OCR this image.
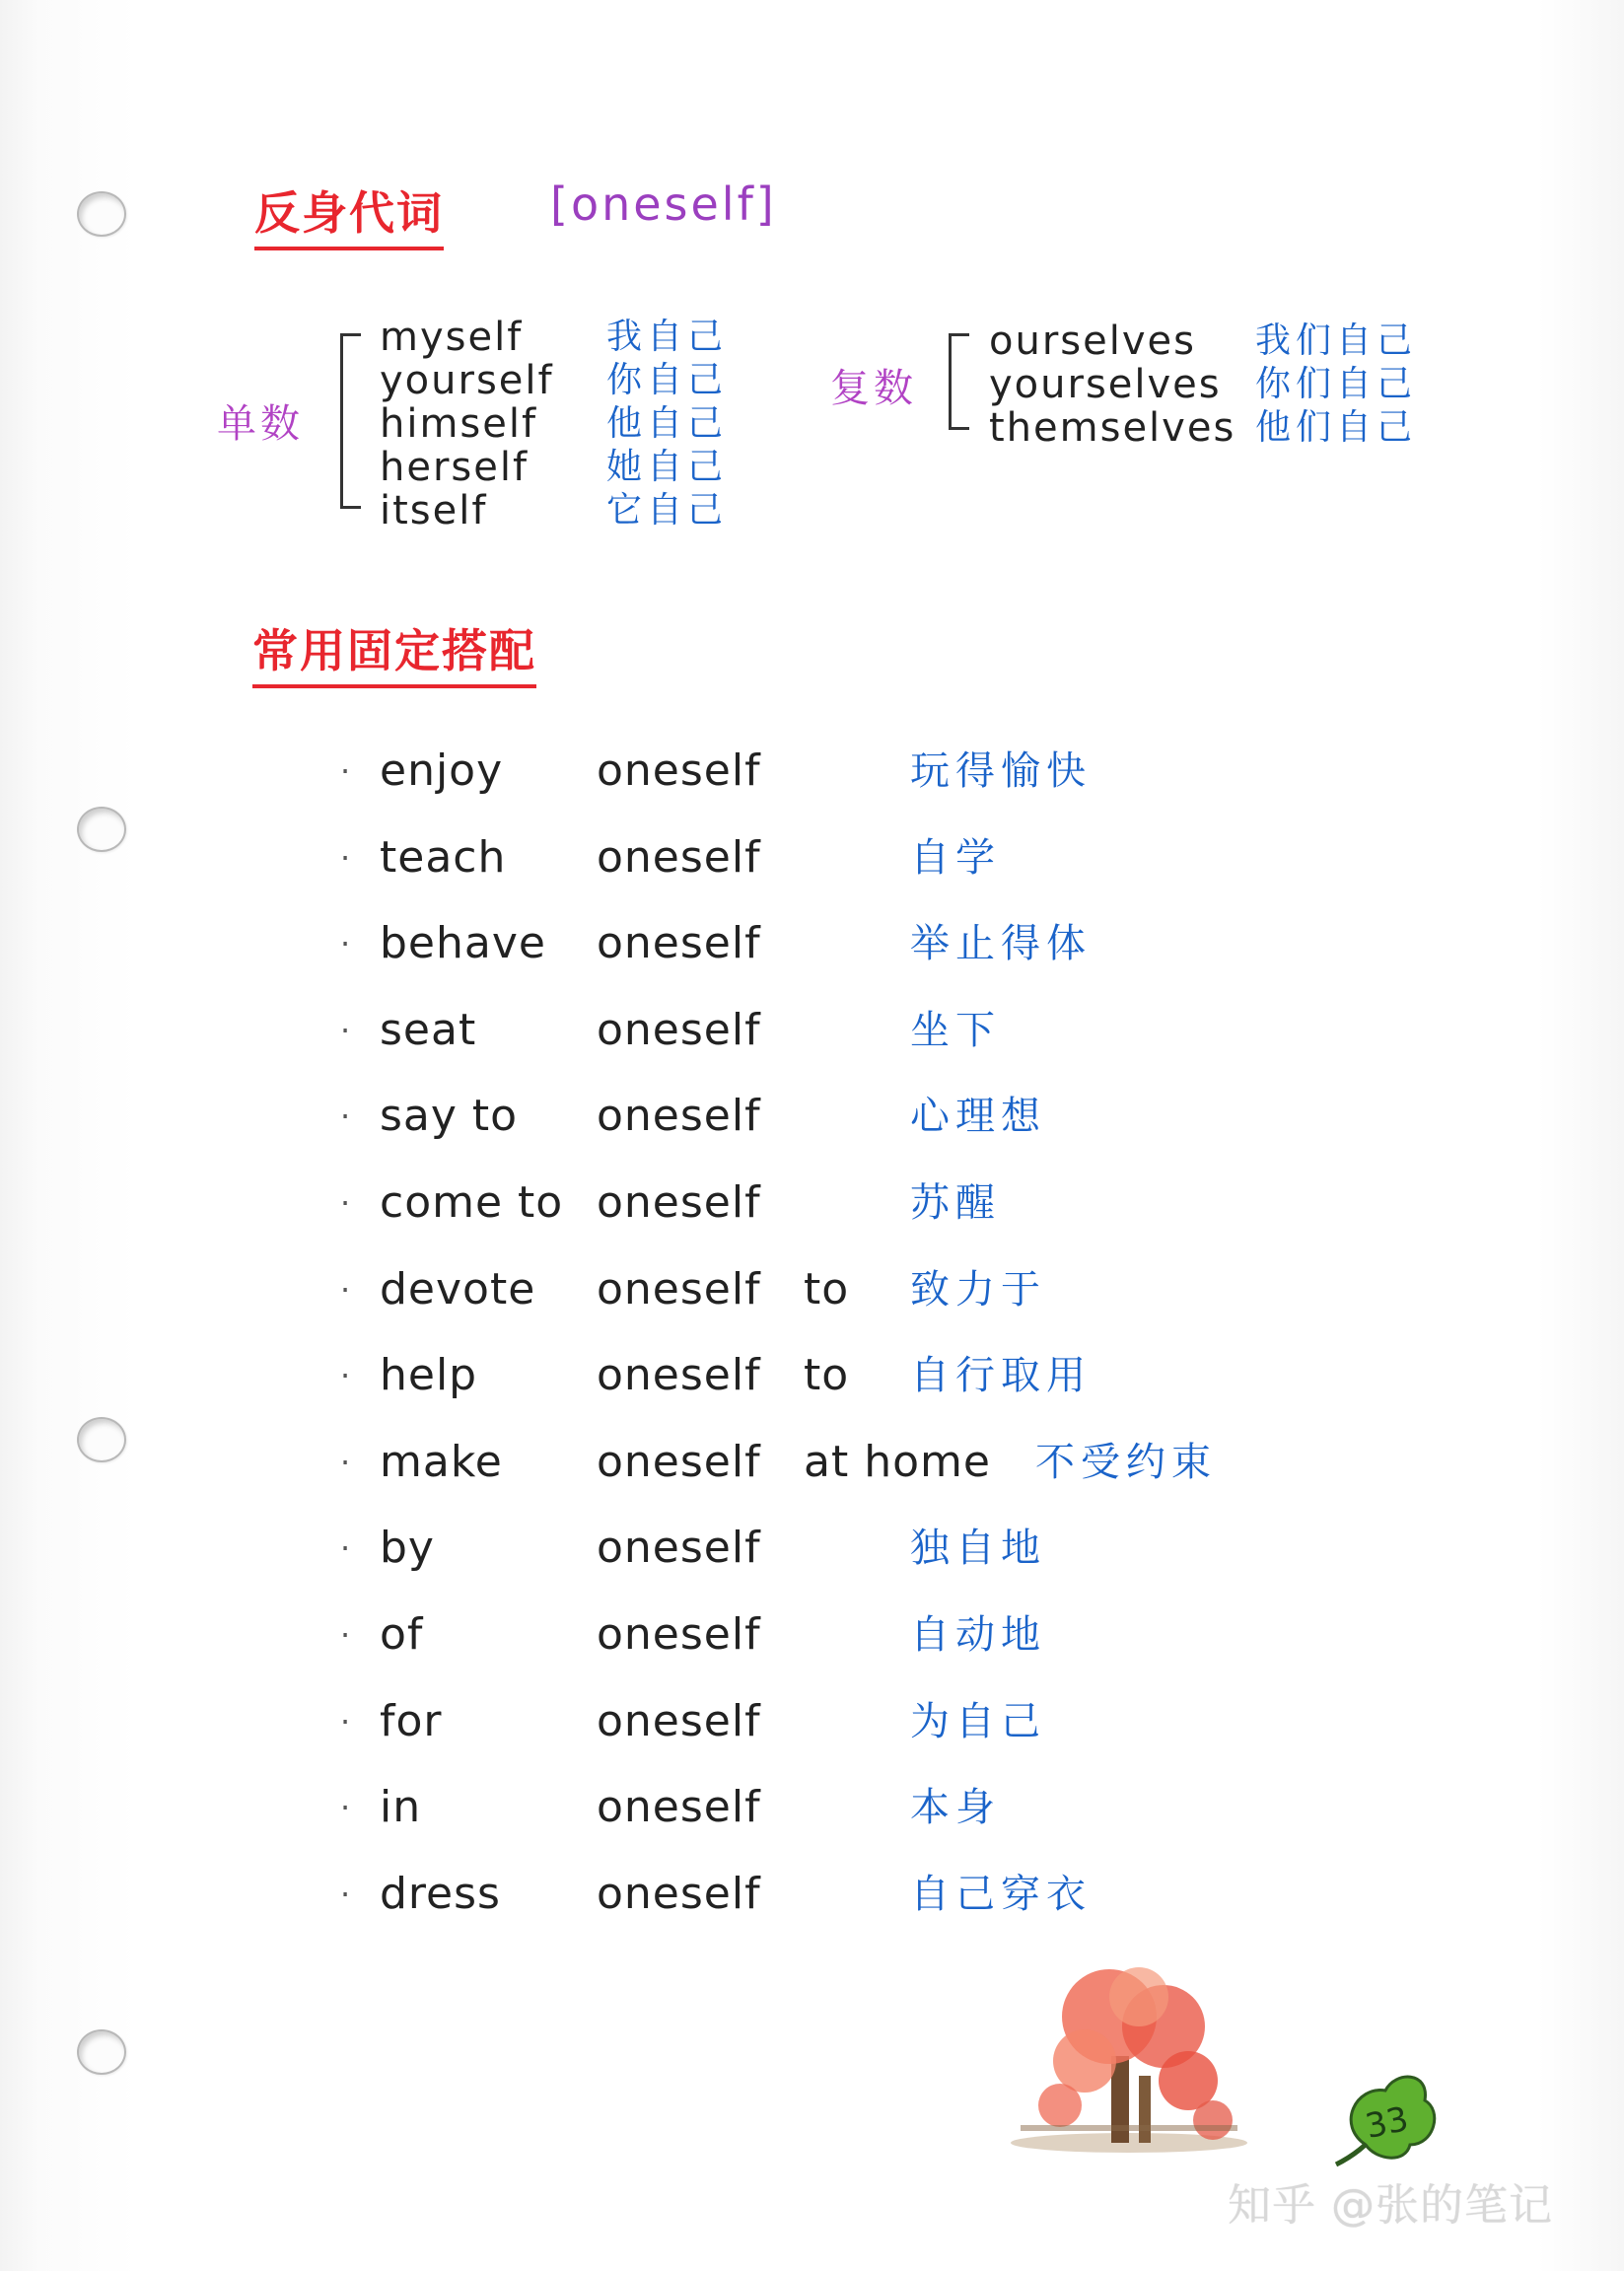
反身代词 [oneself]
单数
myself	我自己
yourself	你自己
himself	他自己
herself	她自己
itself	它自己
复数
ourselves	我们自己
yourselves 你们自己
themselves 他们自己
常用固定搭配
· enjoy oneself	玩得愉快
· teach oneself	自学
· behave oneself	举止得体
· seat	oneself	坐下
· say to oneself	心理想
· come to oneself	苏醒
· devote oneself to 致力于
· help	oneself to 自行取用
· make oneself at home 不受约束
· by	oneself	独自地
· of	oneself	自动地
· for	oneself	为自己
· in	oneself	本身
· dress oneself	自己穿衣
33
知乎 @张的笔记
